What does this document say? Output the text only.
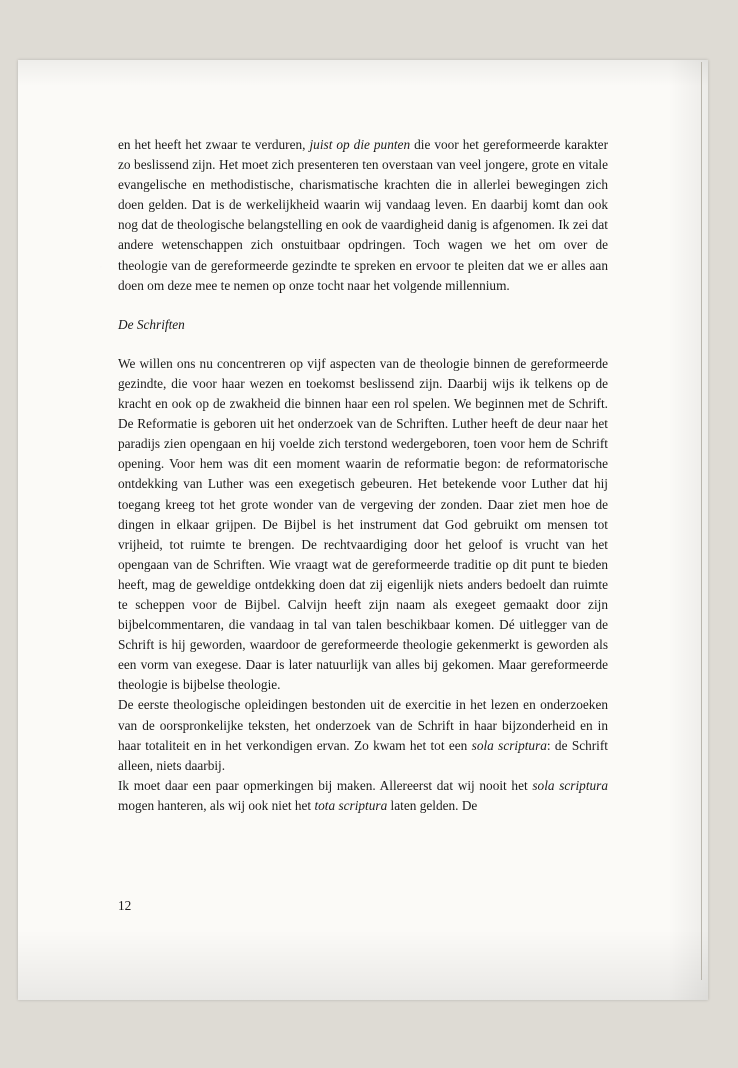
en het heeft het zwaar te verduren, juist op die punten die voor het gereformeerde karakter zo beslissend zijn. Het moet zich presenteren ten overstaan van veel jongere, grote en vitale evangelische en methodistische, charismatische krachten die in allerlei bewegingen zich doen gelden. Dat is de werkelijkheid waarin wij vandaag leven. En daarbij komt dan ook nog dat de theologische belangstelling en ook de vaardigheid danig is afgenomen. Ik zei dat andere wetenschappen zich onstuitbaar opdringen. Toch wagen we het om over de theologie van de gereformeerde gezindte te spreken en ervoor te pleiten dat we er alles aan doen om deze mee te nemen op onze tocht naar het volgende millennium.

De Schriften

We willen ons nu concentreren op vijf aspecten van de theologie binnen de gereformeerde gezindte, die voor haar wezen en toekomst beslissend zijn. Daarbij wijs ik telkens op de kracht en ook op de zwakheid die binnen haar een rol spelen. We beginnen met de Schrift. De Reformatie is geboren uit het onderzoek van de Schriften. Luther heeft de deur naar het paradijs zien opengaan en hij voelde zich terstond wedergeboren, toen voor hem de Schrift opening. Voor hem was dit een moment waarin de reformatie begon: de reformatorische ontdekking van Luther was een exegetisch gebeuren. Het betekende voor Luther dat hij toegang kreeg tot het grote wonder van de vergeving der zonden. Daar ziet men hoe de dingen in elkaar grijpen. De Bijbel is het instrument dat God gebruikt om mensen tot vrijheid, tot ruimte te brengen. De rechtvaardiging door het geloof is vrucht van het opengaan van de Schriften. Wie vraagt wat de gereformeerde traditie op dit punt te bieden heeft, mag de geweldige ontdekking doen dat zij eigenlijk niets anders bedoelt dan ruimte te scheppen voor de Bijbel. Calvijn heeft zijn naam als exegeet gemaakt door zijn bijbelcommentaren, die vandaag in tal van talen beschikbaar komen. Dé uitlegger van de Schrift is hij geworden, waardoor de gereformeerde theologie gekenmerkt is geworden als een vorm van exegese. Daar is later natuurlijk van alles bij gekomen. Maar gereformeerde theologie is bijbelse theologie.

De eerste theologische opleidingen bestonden uit de exercitie in het lezen en onderzoeken van de oorspronkelijke teksten, het onderzoek van de Schrift in haar bijzonderheid en in haar totaliteit en in het verkondigen ervan. Zo kwam het tot een sola scriptura: de Schrift alleen, niets daarbij.

Ik moet daar een paar opmerkingen bij maken. Allereerst dat wij nooit het sola scriptura mogen hanteren, als wij ook niet het tota scriptura laten gelden. De

12
